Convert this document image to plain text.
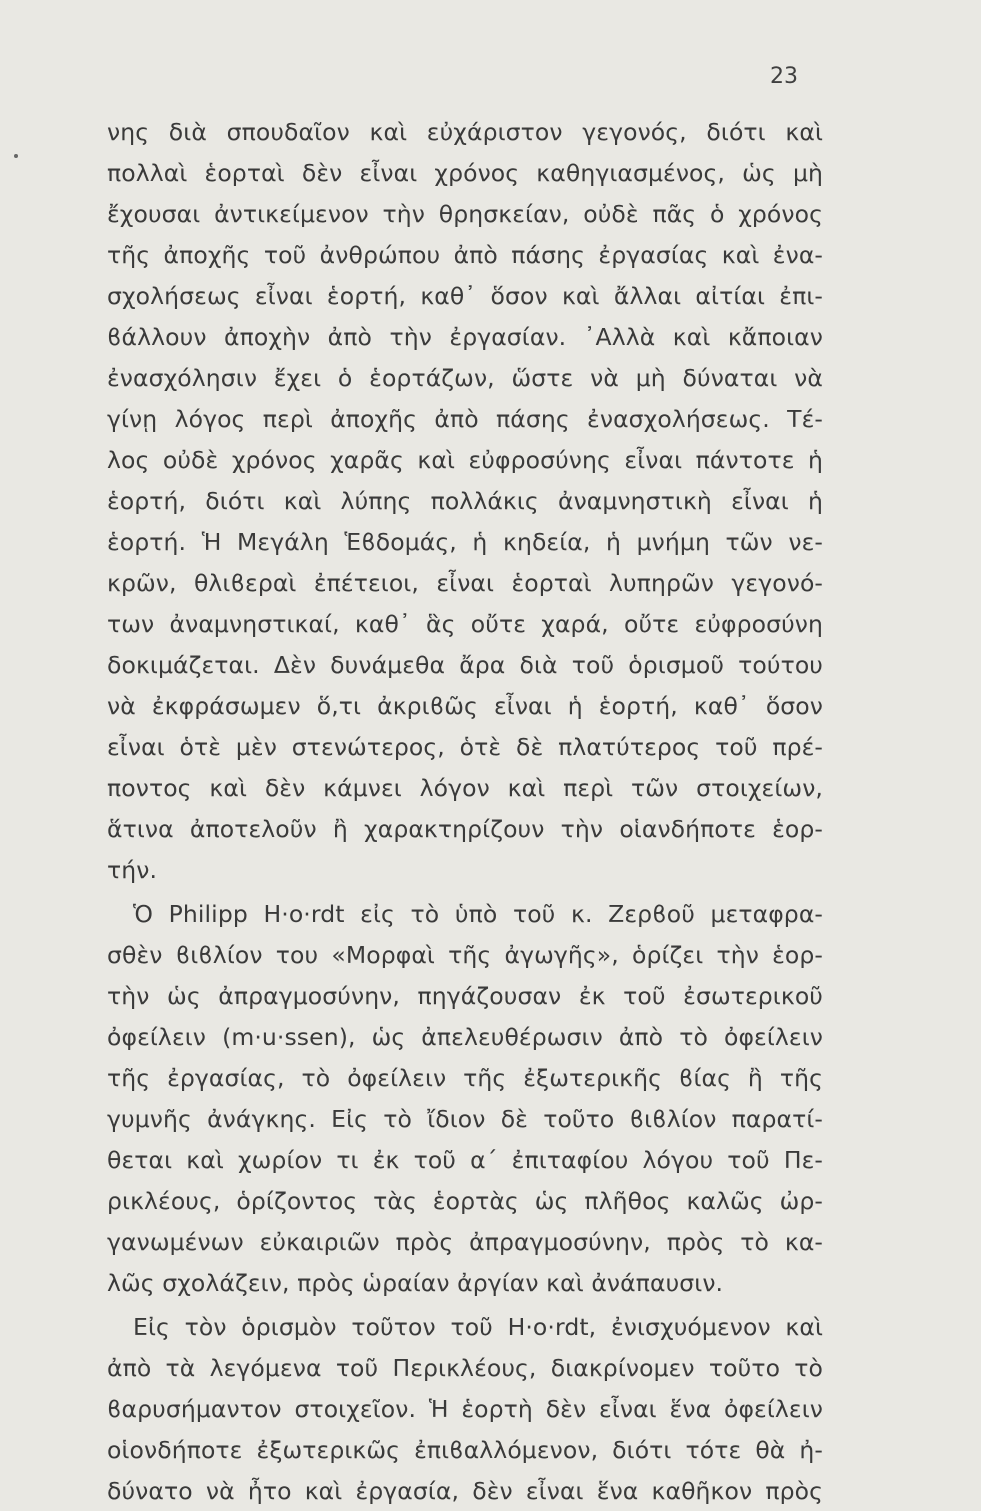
23
νης διὰ σπουδαῖον καὶ εὐχάριστον γεγονός, διότι καὶ
πολλαὶ ἑορταὶ δὲν εἶναι χρόνος καθηγιασμένος, ὡς μὴ
ἔχουσαι ἀντικείμενον τὴν θρησκείαν, οὐδὲ πᾶς ὁ χρόνος
τῆς ἀποχῆς τοῦ ἀνθρώπου ἀπὸ πάσης ἐργασίας καὶ ἐνα-
σχολήσεως εἶναι ἑορτή, καθ᾽ ὅσον καὶ ἄλλαι αἰτίαι ἐπι-
ϐάλλουν ἀποχὴν ἀπὸ τὴν ἐργασίαν. ᾿Αλλὰ καὶ κἄποιαν
ἐνασχόλησιν ἔχει ὁ ἑορτάζων, ὥστε νὰ μὴ δύναται νὰ
γίνῃ λόγος περὶ ἀποχῆς ἀπὸ πάσης ἐνασχολήσεως. Τέ-
λος οὐδὲ χρόνος χαρᾶς καὶ εὐφροσύνης εἶναι πάντοτε ἡ
ἑορτή, διότι καὶ λύπης πολλάκις ἀναμνηστικὴ εἶναι ἡ
ἑορτή. Ἡ Μεγάλη Ἑϐδομάς, ἡ κηδεία, ἡ μνήμη τῶν νε-
κρῶν, θλιϐεραὶ ἐπέτειοι, εἶναι ἑορταὶ λυπηρῶν γεγονό-
των ἀναμνηστικαί, καθ᾽ ἃς οὔτε χαρά, οὔτε εὐφροσύνη
δοκιμάζεται. Δὲν δυνάμεθα ἄρα διὰ τοῦ ὁρισμοῦ τούτου
νὰ ἐκφράσωμεν ὅ,τι ἀκριϐῶς εἶναι ἡ ἑορτή, καθ᾽ ὅσον
εἶναι ὁτὲ μὲν στενώτερος, ὁτὲ δὲ πλατύτερος τοῦ πρέ-
ποντος καὶ δὲν κάμνει λόγον καὶ περὶ τῶν στοιχείων,
ἅτινα ἀποτελοῦν ἢ χαρακτηρίζουν τὴν οἱανδήποτε ἑορ-
τήν.
Ὁ Philipp H·o·rdt εἰς τὸ ὑπὸ τοῦ κ. Ζερϐοῦ μεταφρα-
σθὲν ϐιϐλίον του «Μορφαὶ τῆς ἀγωγῆς», ὁρίζει τὴν ἑορ-
τὴν ὡς ἀπραγμοσύνην, πηγάζουσαν ἐκ τοῦ ἐσωτερικοῦ
ὀφείλειν (m·u·ssen), ὡς ἀπελευθέρωσιν ἀπὸ τὸ ὀφείλειν
τῆς ἐργασίας, τὸ ὀφείλειν τῆς ἐξωτερικῆς ϐίας ἢ τῆς
γυμνῆς ἀνάγκης. Εἰς τὸ ἴδιον δὲ τοῦτο ϐιϐλίον παρατί-
θεται καὶ χωρίον τι ἐκ τοῦ α΄ ἐπιταφίου λόγου τοῦ Πε-
ρικλέους, ὁρίζοντος τὰς ἑορτὰς ὡς πλῆθος καλῶς ὠρ-
γανωμένων εὐκαιριῶν πρὸς ἀπραγμοσύνην, πρὸς τὸ κα-
λῶς σχολάζειν, πρὸς ὡραίαν ἀργίαν καὶ ἀνάπαυσιν.
Εἰς τὸν ὁρισμὸν τοῦτον τοῦ H·o·rdt, ἐνισχυόμενον καὶ
ἀπὸ τὰ λεγόμενα τοῦ Περικλέους, διακρίνομεν τοῦτο τὸ
ϐαρυσήμαντον στοιχεῖον. Ἡ ἑορτὴ δὲν εἶναι ἕνα ὀφείλειν
οἱονδήποτε ἐξωτερικῶς ἐπιϐαλλόμενον, διότι τότε θὰ ἠ-
δύνατο νὰ ἦτο καὶ ἐργασία, δὲν εἶναι ἕνα καθῆκον πρὸς
